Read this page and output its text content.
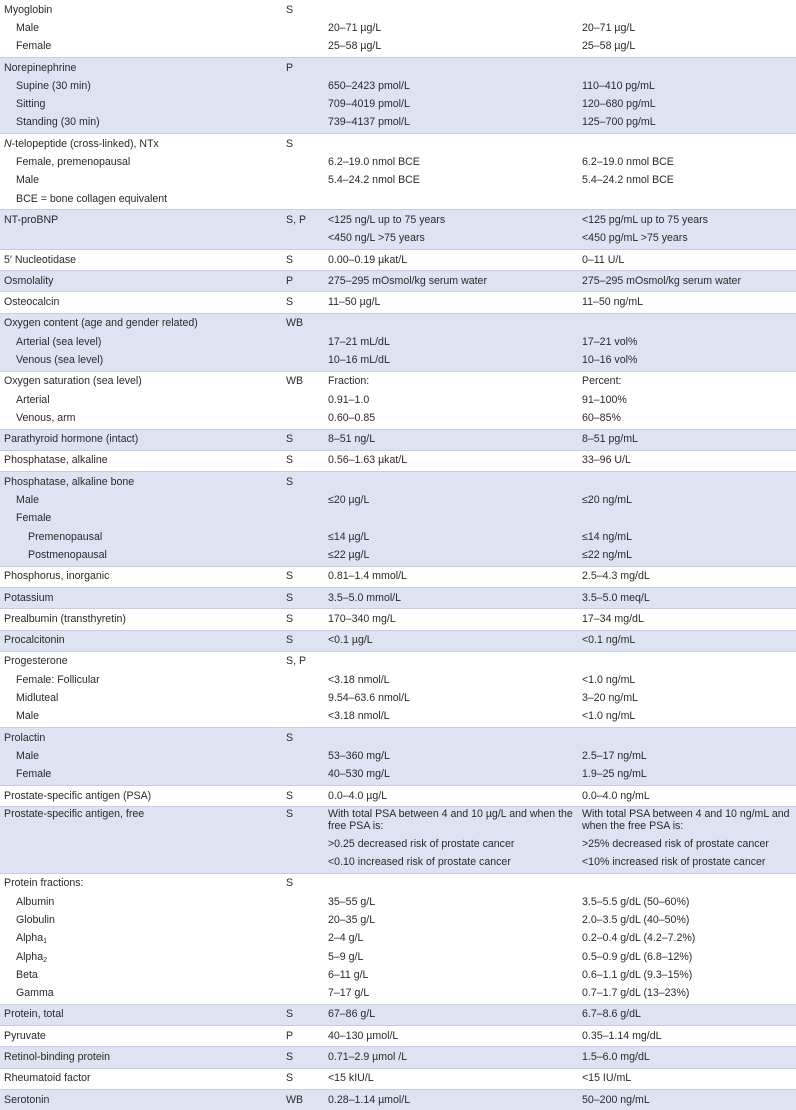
Myoglobin	S		
Male		20–71 µg/L	20–71 µg/L
Female		25–58 µg/L	25–58 µg/L
Norepinephrine	P		
Supine (30 min)		650–2423 pmol/L	110–410 pg/mL
Sitting		709–4019 pmol/L	120–680 pg/mL
Standing (30 min)		739–4137 pmol/L	125–700 pg/mL
N-telopeptide (cross-linked), NTx	S		
Female, premenopausal		6.2–19.0 nmol BCE	6.2–19.0 nmol BCE
Male		5.4–24.2 nmol BCE	5.4–24.2 nmol BCE
BCE = bone collagen equivalent			
NT-proBNP	S, P	<125 ng/L up to 75 years	<125 pg/mL up to 75 years
		<450 ng/L >75 years	<450 pg/mL >75 years
5′ Nucleotidase	S	0.00–0.19 µkat/L	0–11 U/L
Osmolality	P	275–295 mOsmol/kg serum water	275–295 mOsmol/kg serum water
Osteocalcin	S	11–50 µg/L	11–50 ng/mL
Oxygen content (age and gender related)	WB		
Arterial (sea level)		17–21 mL/dL	17–21 vol%
Venous (sea level)		10–16 mL/dL	10–16 vol%
Oxygen saturation (sea level)	WB	Fraction:	Percent:
Arterial		0.91–1.0	91–100%
Venous, arm		0.60–0.85	60–85%
Parathyroid hormone (intact)	S	8–51 ng/L	8–51 pg/mL
Phosphatase, alkaline	S	0.56–1.63 µkat/L	33–96 U/L
Phosphatase, alkaline bone	S		
Male		≤20 µg/L	≤20 ng/mL
Female			
Premenopausal		≤14 µg/L	≤14 ng/mL
Postmenopausal		≤22 µg/L	≤22 ng/mL
Phosphorus, inorganic	S	0.81–1.4 mmol/L	2.5–4.3 mg/dL
Potassium	S	3.5–5.0 mmol/L	3.5–5.0 meq/L
Prealbumin (transthyretin)	S	170–340 mg/L	17–34 mg/dL
Procalcitonin	S	<0.1 µg/L	<0.1 ng/mL
Progesterone	S, P		
Female: Follicular		<3.18 nmol/L	<1.0 ng/mL
Midluteal		9.54–63.6 nmol/L	3–20 ng/mL
Male		<3.18 nmol/L	<1.0 ng/mL
Prolactin	S		
Male		53–360 mg/L	2.5–17 ng/mL
Female		40–530 mg/L	1.9–25 ng/mL
Prostate-specific antigen (PSA)	S	0.0–4.0 µg/L	0.0–4.0 ng/mL
Prostate-specific antigen, free	S	With total PSA between 4 and 10 µg/L and when the free PSA is:	With total PSA between 4 and 10 ng/mL and when the free PSA is:
		>0.25 decreased risk of prostate cancer	>25% decreased risk of prostate cancer
		<0.10 increased risk of prostate cancer	<10% increased risk of prostate cancer
Protein fractions:	S		
Albumin		35–55 g/L	3.5–5.5 g/dL (50–60%)
Globulin		20–35 g/L	2.0–3.5 g/dL (40–50%)
Alpha$_1$		2–4 g/L	0.2–0.4 g/dL (4.2–7.2%)
Alpha$_2$		5–9 g/L	0.5–0.9 g/dL (6.8–12%)
Beta		6–11 g/L	0.6–1.1 g/dL (9.3–15%)
Gamma		7–17 g/L	0.7–1.7 g/dL (13–23%)
Protein, total	S	67–86 g/L	6.7–8.6 g/dL
Pyruvate	P	40–130 µmol/L	0.35–1.14 mg/dL
Retinol-binding protein	S	0.71–2.9 µmol /L	1.5–6.0 mg/dL
Rheumatoid factor	S	<15 kIU/L	<15 IU/mL
Serotonin	WB	0.28–1.14 µmol/L	50–200 ng/mL
